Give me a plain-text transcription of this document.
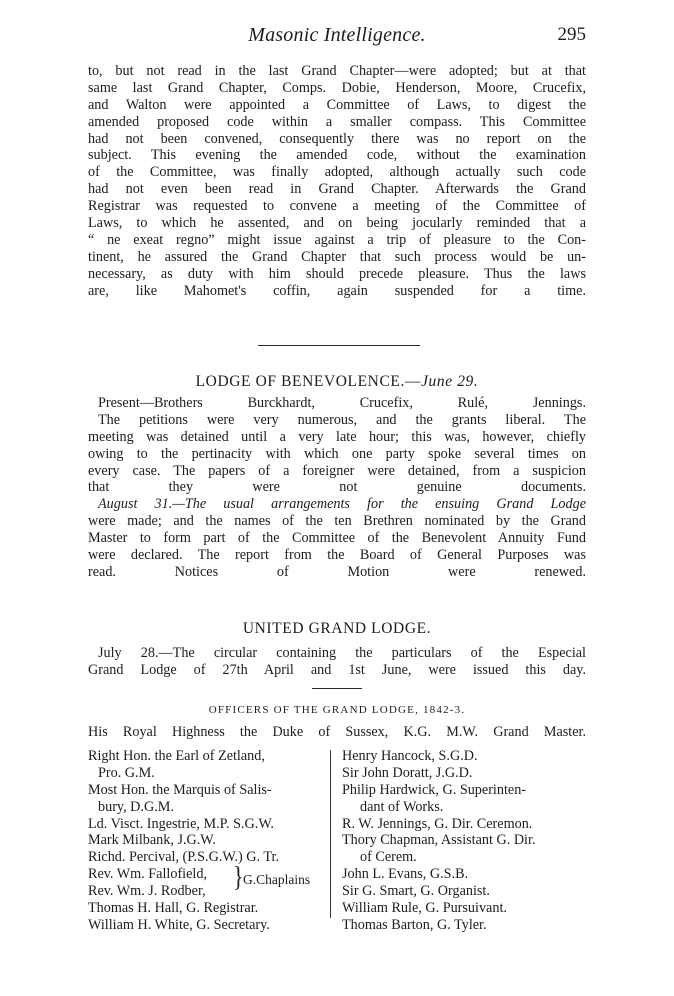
Masonic Intelligence.	295
to, but not read in the last Grand Chapter—were adopted; but at that
same last Grand Chapter, Comps. Dobie, Henderson, Moore, Crucefix,
and Walton were appointed a Committee of Laws, to digest the
amended proposed code within a smaller compass. This Committee
had not been convened, consequently there was no report on the
subject. This evening the amended code, without the examination
of the Committee, was finally adopted, although actually such code
had not even been read in Grand Chapter. Afterwards the Grand
Registrar was requested to convene a meeting of the Committee of
Laws, to which he assented, and on being jocularly reminded that a
“ ne exeat regno” might issue against a trip of pleasure to the Con-
tinent, he assured the Grand Chapter that such process would be un-
necessary, as duty with him should precede pleasure. Thus the laws
are, like Mahomet's coffin, again suspended for a time.
LODGE OF BENEVOLENCE.—June 29.
Present—Brothers Burckhardt, Crucefix, Rulé, Jennings.
The petitions were very numerous, and the grants liberal. The
meeting was detained until a very late hour; this was, however, chiefly
owing to the pertinacity with which one party spoke several times on
every case. The papers of a foreigner were detained, from a suspicion
that they were not genuine documents.
August 31.—The usual arrangements for the ensuing Grand Lodge
were made; and the names of the ten Brethren nominated by the Grand
Master to form part of the Committee of the Benevolent Annuity Fund
were declared. The report from the Board of General Purposes was
read. Notices of Motion were renewed.
UNITED GRAND LODGE.
July 28.—The circular containing the particulars of the Especial
Grand Lodge of 27th April and 1st June, were issued this day.
OFFICERS OF THE GRAND LODGE, 1842-3.
His Royal Highness the Duke of Sussex, K.G. M.W. Grand Master.
Right Hon. the Earl of Zetland,
Pro. G.M.
Most Hon. the Marquis of Salis-
bury, D.G.M.
Ld. Visct. Ingestrie, M.P. S.G.W.
Mark Milbank, J.G.W.
Richd. Percival, (P.S.G.W.) G. Tr.
Rev. Wm. Fallofield,
Rev. Wm. J. Rodber,
Thomas H. Hall, G. Registrar.
William H. White, G. Secretary.
} G.Chaplains
Henry Hancock, S.G.D.
Sir John Doratt, J.G.D.
Philip Hardwick, G. Superinten-
dant of Works.
R. W. Jennings, G. Dir. Ceremon.
Thory Chapman, Assistant G. Dir.
of Cerem.
John L. Evans, G.S.B.
Sir G. Smart, G. Organist.
William Rule, G. Pursuivant.
Thomas Barton, G. Tyler.
